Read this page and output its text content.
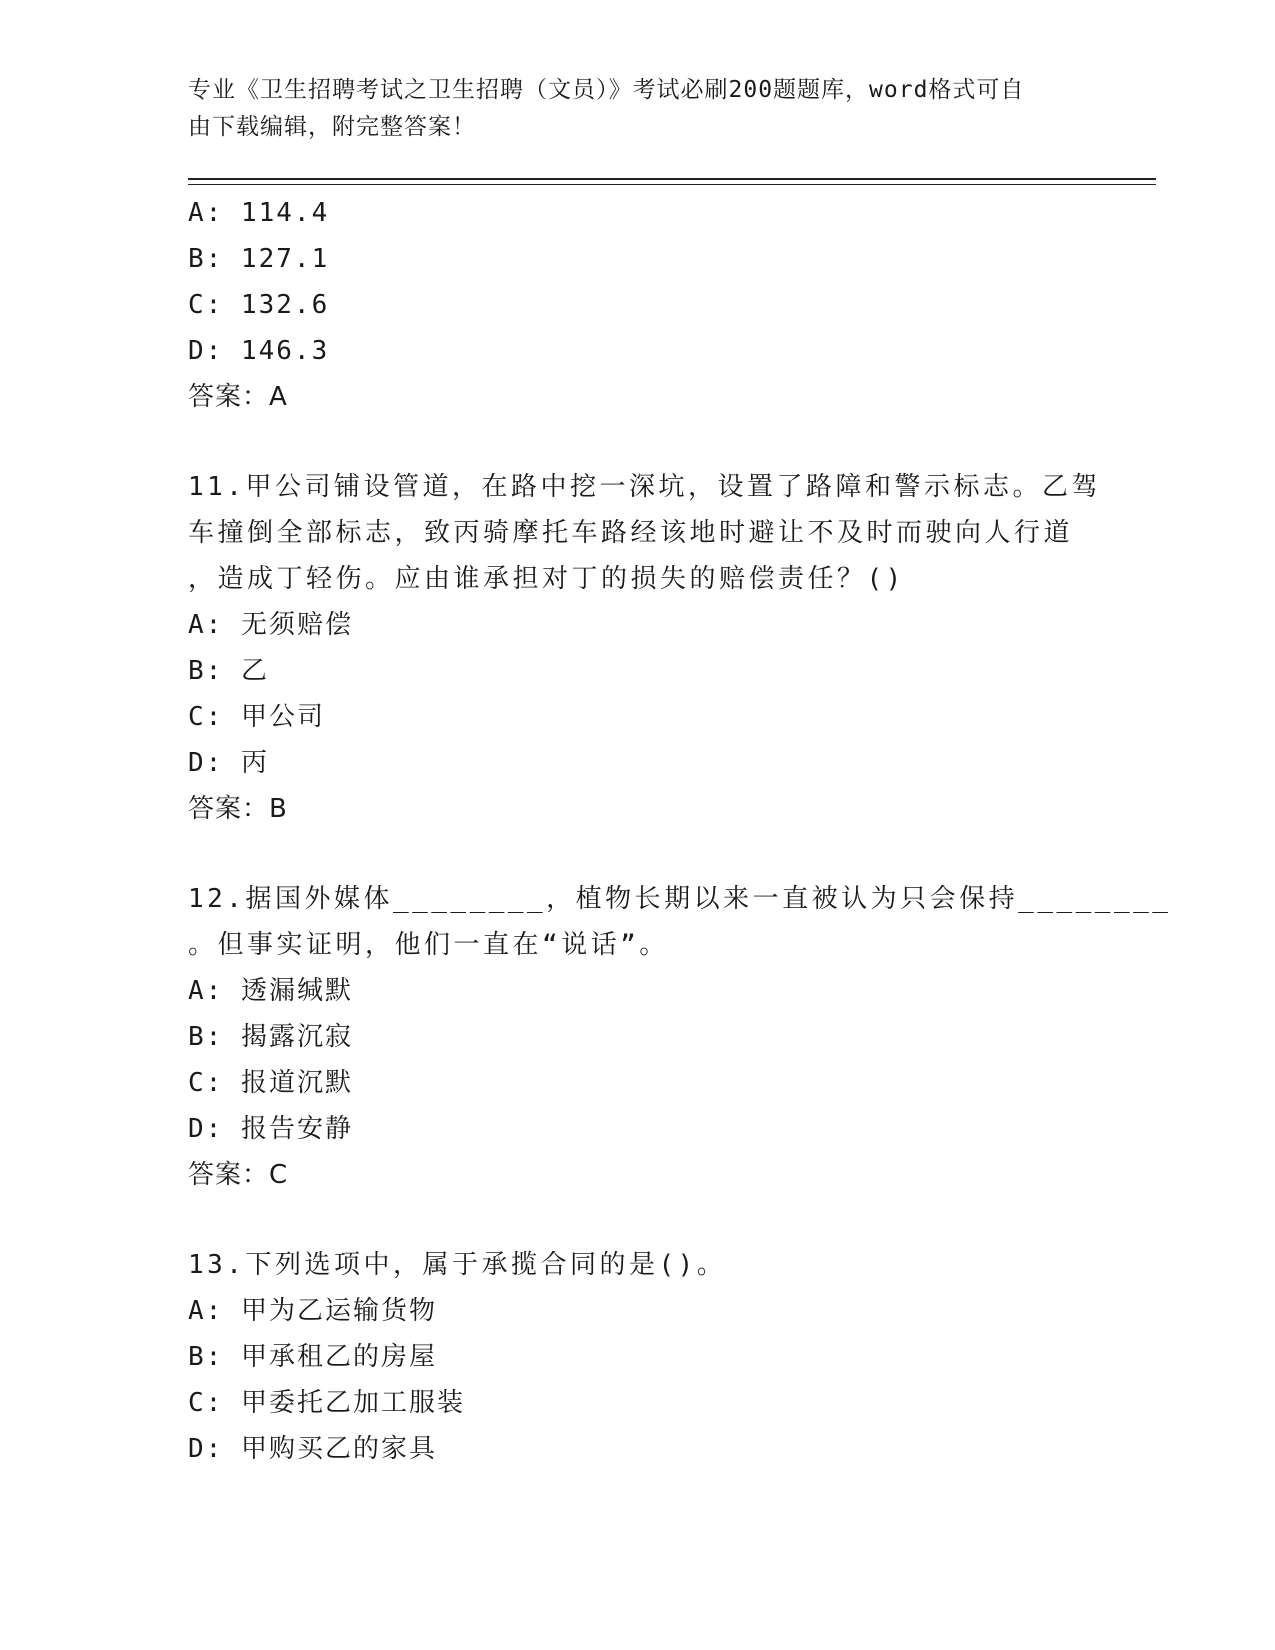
专业《卫生招聘考试之卫生招聘（文员）》考试必刷200题题库，word格式可自
由下载编辑，附完整答案！
A: 114.4
B: 127.1
C: 132.6
D: 146.3
答案：A
11.甲公司铺设管道，在路中挖一深坑，设置了路障和警示标志。乙驾
车撞倒全部标志，致丙骑摩托车路经该地时避让不及时而驶向人行道
，造成丁轻伤。应由谁承担对丁的损失的赔偿责任？()
A: 无须赔偿
B: 乙
C: 甲公司
D: 丙
答案：B
12.据国外媒体________，植物长期以来一直被认为只会保持________
。但事实证明，他们一直在“说话”。
A: 透漏缄默
B: 揭露沉寂
C: 报道沉默
D: 报告安静
答案：C
13.下列选项中，属于承揽合同的是()。
A: 甲为乙运输货物
B: 甲承租乙的房屋
C: 甲委托乙加工服装
D: 甲购买乙的家具
